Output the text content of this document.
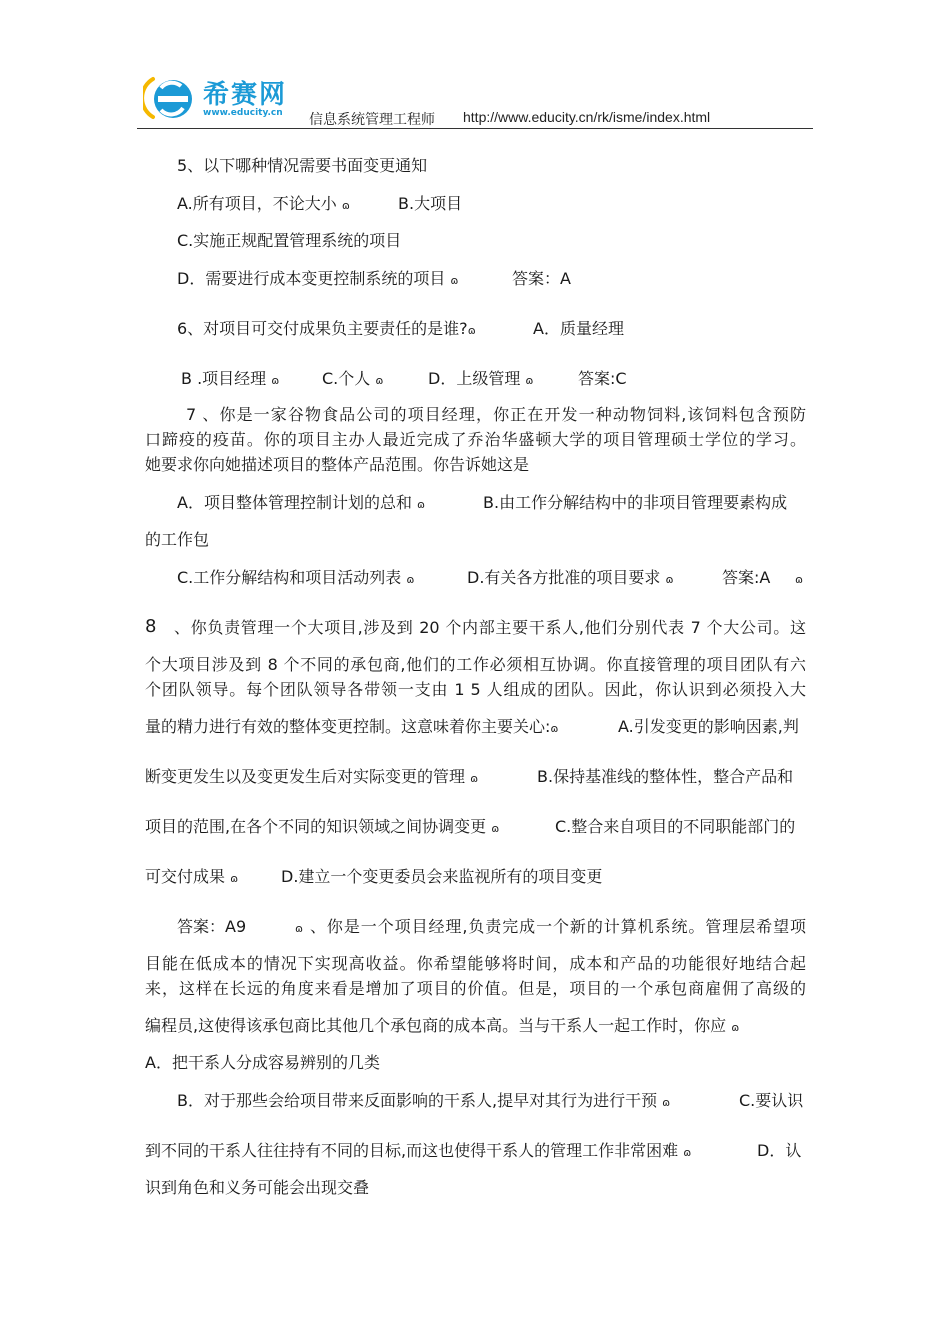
希赛网
www.educity.cn 信息系统管理工程师 http://www.educity.cn/rk/isme/index.html
5、以下哪种情况需要书面变更通知
A.所有项目，不论大小 ɷ	B.大项目
C.实施正规配置管理系统的项目
D．需要进行成本变更控制系统的项目 ɷ	答案：A
6、对项目可交付成果负主要责任的是谁?ɷ	A．质量经理
B .项目经理 ɷ	C.个人 ɷ	D．上级管理 ɷ	答案:C
7 、你是一家谷物食品公司的项目经理，你正在开发一种动物饲料,该饲料包含预防
口蹄疫的疫苗。你的项目主办人最近完成了乔治华盛顿大学的项目管理硕士学位的学习。
她要求你向她描述项目的整体产品范围。你告诉她这是
A．项目整体管理控制计划的总和 ɷ	B.由工作分解结构中的非项目管理要素构成
的工作包
C.工作分解结构和项目活动列表 ɷ	D.有关各方批准的项目要求 ɷ	答案:A ɷ
8 、你负责管理一个大项目,涉及到 20 个内部主要干系人,他们分别代表 7 个大公司。这
个大项目涉及到 8 个不同的承包商,他们的工作必须相互协调。你直接管理的项目团队有六
个团队领导。每个团队领导各带领一支由 1 5 人组成的团队。因此，你认识到必须投入大
量的精力进行有效的整体变更控制。这意味着你主要关心:ɷ	A.引发变更的影响因素,判
断变更发生以及变更发生后对实际变更的管理 ɷ	B.保持基准线的整体性，整合产品和
项目的范围,在各个不同的知识领域之间协调变更 ɷ	C.整合来自项目的不同职能部门的
可交付成果 ɷ	D.建立一个变更委员会来监视所有的项目变更
答案：A9	ɷ 、你是一个项目经理,负责完成一个新的计算机系统。管理层希望项
目能在低成本的情况下实现高收益。你希望能够将时间，成本和产品的功能很好地结合起
来，这样在长远的角度来看是增加了项目的价值。但是，项目的一个承包商雇佣了高级的
编程员,这使得该承包商比其他几个承包商的成本高。当与干系人一起工作时，你应 ɷ
A．把干系人分成容易辨别的几类
B．对于那些会给项目带来反面影响的干系人,提早对其行为进行干预 ɷ	C.要认识
到不同的干系人往往持有不同的目标,而这也使得干系人的管理工作非常困难 ɷ	D．认
识到角色和义务可能会出现交叠
